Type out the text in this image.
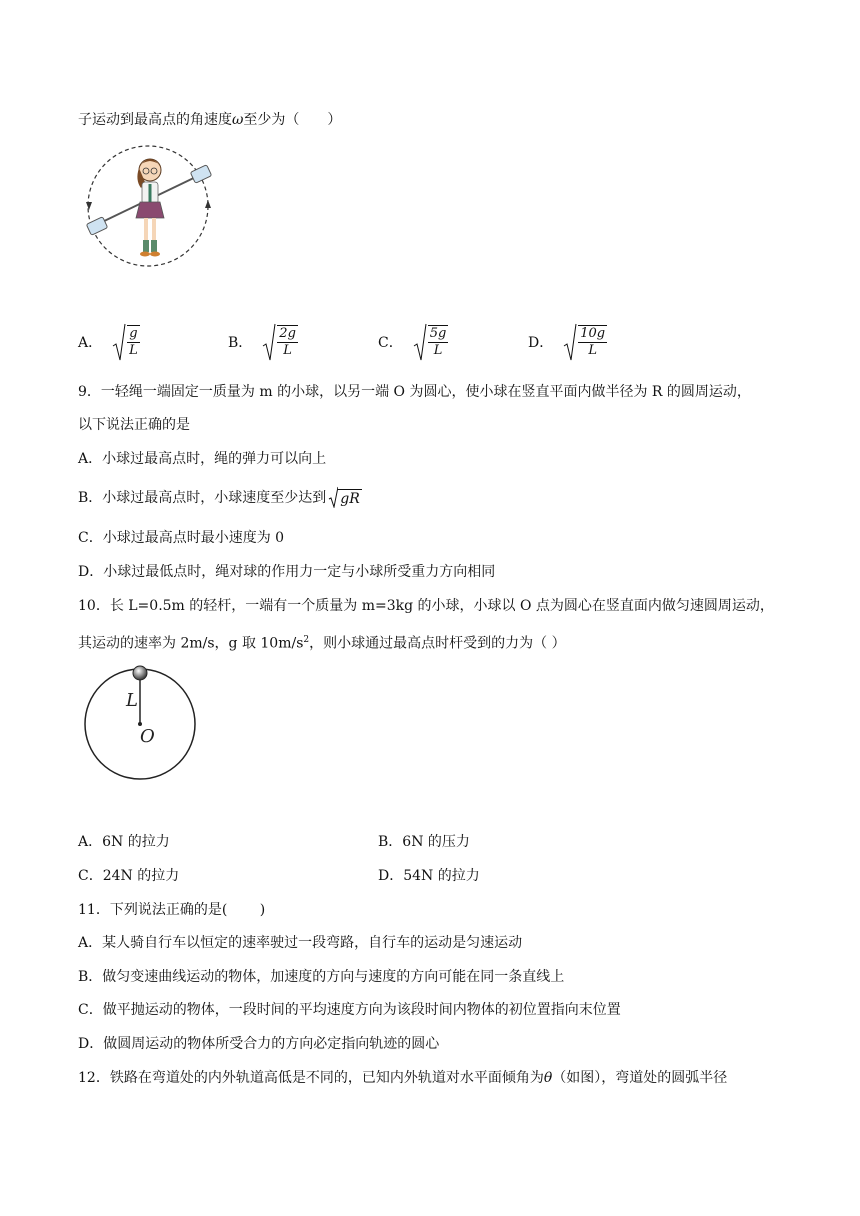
子运动到最高点的角速度ω至少为（　　）
A． $\frac{g}{L}$	B． $\frac{2g}{L}$	C． $\frac{5g}{L}$	D． $\frac{10g}{L}$
9．一轻绳一端固定一质量为 m 的小球，以另一端 O 为圆心，使小球在竖直平面内做半径为 R 的圆周运动，
以下说法正确的是
A．小球过最高点时，绳的弹力可以向上
B．小球过最高点时，小球速度至少达到 gR
C．小球过最高点时最小速度为 0
D．小球过最低点时，绳对球的作用力一定与小球所受重力方向相同
10．长 L=0.5m 的轻杆，一端有一个质量为 m=3kg 的小球，小球以 O 点为圆心在竖直面内做匀速圆周运动，
其运动的速率为 2m/s，g 取 $10m/s^2$，则小球通过最高点时杆受到的力为（ ）
L
O
A．6N 的拉力	B．6N 的压力
C．24N 的拉力	D．54N 的拉力
11．下列说法正确的是(　　 )
A．某人骑自行车以恒定的速率驶过一段弯路，自行车的运动是匀速运动
B．做匀变速曲线运动的物体，加速度的方向与速度的方向可能在同一条直线上
C．做平抛运动的物体，一段时间的平均速度方向为该段时间内物体的初位置指向末位置
D．做圆周运动的物体所受合力的方向必定指向轨迹的圆心
12．铁路在弯道处的内外轨道高低是不同的，已知内外轨道对水平面倾角为θ（如图），弯道处的圆弧半径
